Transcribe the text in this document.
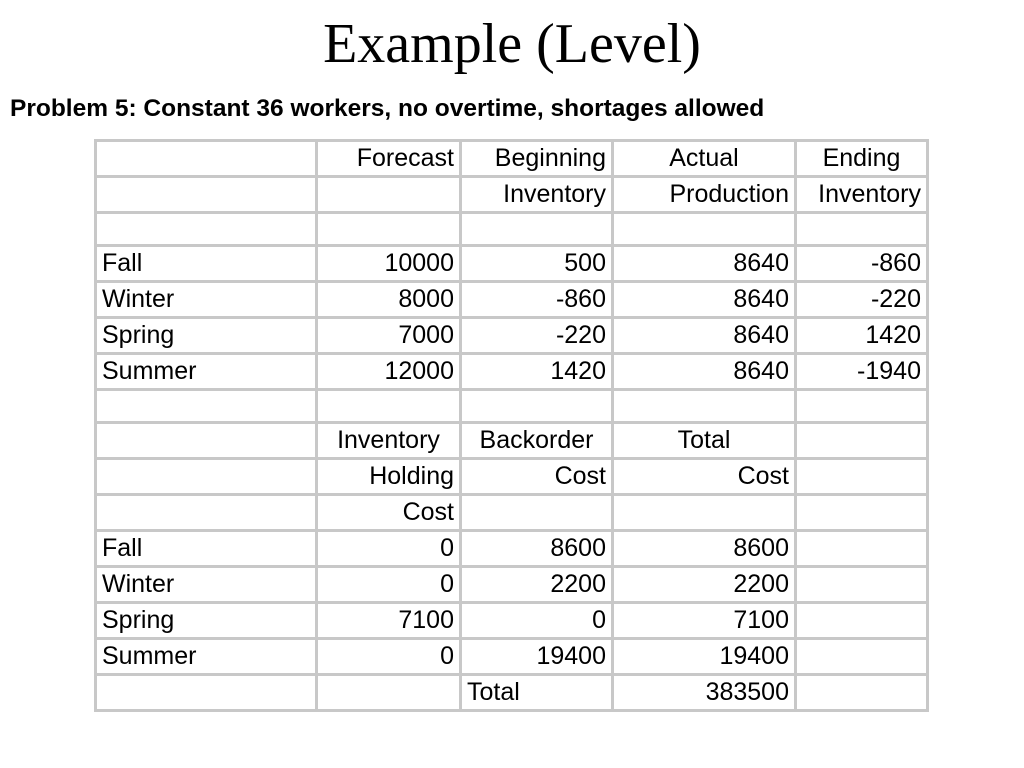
Example (Level)
Problem 5: Constant 36 workers, no overtime, shortages allowed
	Forecast	Beginning	Actual	Ending
		Inventory	Production	Inventory

Fall	10000	500	8640	-860
Winter	8000	-860	8640	-220
Spring	7000	-220	8640	1420
Summer	12000	1420	8640	-1940

	Inventory	Backorder	Total	
	Holding	Cost	Cost	
	Cost			
Fall	0	8600	8600	
Winter	0	2200	2200	
Spring	7100	0	7100	
Summer	0	19400	19400	
		Total	383500	
